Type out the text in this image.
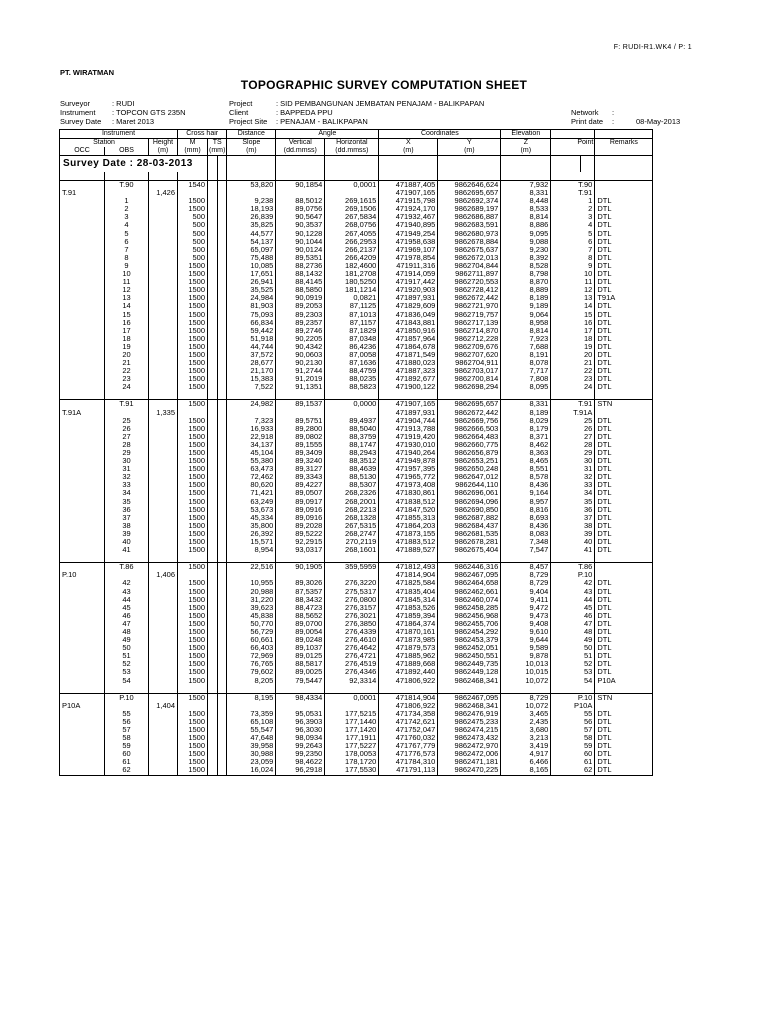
F: RUDI-R1.WK4 / P: 1
PT. WIRATMAN
TOPOGRAPHIC SURVEY COMPUTATION SHEET
Surveyor	: RUDI
Instrument : TOPCON GTS 235N
Survey Date : Maret 2013
Project	: SID PEMBANGUNAN JEMBATAN PENAJAM - BALIKPAPAN
Client	: BAPPEDA PPU
Project Site : PENAJAM - BALIKPAPAN
Network :
Print date :	08-May-2013
Instrument			Cross hair			Distance	Angle		Coordinates		Elevation			
Station		Height	M	TS		Slope	Vertical	Horizontal	X	Y	Z	Point		Remarks
OCC	OBS	(m)	(mm)	(mm)		(m)	(dd.mmss)	(dd.mmss)	(m)	(m)	(m)			
Survey Date : 28-03-2013														

	T.90		1540			53,820	90,1854	0,0001	471887,405	9862646,624	7,932	T.90		
T.91		1,426							471907,165	9862695,657	8,331	T.91		
	1		1500			9,238	88,5012	269,1615	471915,798	9862692,374	8,448	1		DTL
	2		1500			18,193	89,0756	269,1506	471924,170	9862689,197	8,533	2		DTL
	3		500			26,839	90,5647	267,5834	471932,467	9862686,887	8,814	3		DTL
	4		500			35,825	90,3537	268,0756	471940,895	9862683,591	8,886	4		DTL
	5		500			44,577	90,1228	267,4055	471949,254	9862680,973	9,095	5		DTL
	6		500			54,137	90,1044	266,2953	471958,638	9862678,884	9,088	6		DTL
	7		500			65,097	90,0124	266,2137	471969,107	9862675,637	9,230	7		DTL
	8		500			75,488	89,5351	266,4209	471978,854	9862672,013	8,392	8		DTL
	9		1500			10,085	88,2736	182,4600	471911,316	9862704,844	8,528	9		DTL
	10		1500			17,651	88,1432	181,2708	471914,059	9862711,897	8,798	10		DTL
	11		1500			26,941	88,4145	180,5250	471917,442	9862720,553	8,870	11		DTL
	12		1500			35,525	88,5850	181,1214	471920,903	9862728,412	8,889	12		DTL
	13		1500			24,984	90,0919	0,0821	471897,931	9862672,442	8,189	13		T91A
	14		1500			81,903	89,2053	87,1125	471829,609	9862721,970	9,189	14		DTL
	15		1500			75,093	89,2303	87,1013	471836,049	9862719,757	9,064	15		DTL
	16		1500			66,834	89,2357	87,1157	471843,881	9862717,139	8,958	16		DTL
	17		1500			59,442	89,2746	87,1829	471850,916	9862714,870	8,814	17		DTL
	18		1500			51,918	90,2205	87,0348	471857,964	9862712,228	7,923	18		DTL
	19		1500			44,744	90,4342	86,4236	471864,678	9862709,676	7,688	19		DTL
	20		1500			37,572	90,0603	87,0058	471871,549	9862707,620	8,191	20		DTL
	21		1500			28,677	90,2130	87,1636	471880,023	9862704,911	8,078	21		DTL
	22		1500			21,170	91,2744	88,4759	471887,323	9862703,017	7,717	22		DTL
	23		1500			15,383	91,2019	88,0235	471892,677	9862700,814	7,808	23		DTL
	24		1500			7,522	91,1351	88,5823	471900,122	9862698,294	8,095	24		DTL

	T.91		1500			24,982	89,1537	0,0000	471907,165	9862695,657	8,331	T.91		STN
T.91A		1,335							471897,931	9862672,442	8,189	T.91A		
	25		1500			7,323	89,5751	89,4937	471904,744	9862669,756	8,029	25		DTL
	26		1500			16,933	89,2800	88,5040	471913,788	9862666,503	8,179	26		DTL
	27		1500			22,918	89,0802	88,3759	471919,420	9862664,483	8,371	27		DTL
	28		1500			34,137	89,1555	88,1747	471930,010	9862660,775	8,462	28		DTL
	29		1500			45,104	89,3409	88,2943	471940,264	9862656,879	8,363	29		DTL
	30		1500			55,380	89,3240	88,3512	471949,878	9862653,251	8,465	30		DTL
	31		1500			63,473	89,3127	88,4639	471957,395	9862650,248	8,551	31		DTL
	32		1500			72,462	89,3343	88,5130	471965,772	9862647,012	8,578	32		DTL
	33		1500			80,620	89,4227	88,5307	471973,408	9862644,110	8,436	33		DTL
	34		1500			71,421	89,0507	268,2326	471830,861	9862696,061	9,164	34		DTL
	35		1500			63,249	89,0917	268,2001	471838,512	9862694,096	8,957	35		DTL
	36		1500			53,673	89,0916	268,2213	471847,520	9862690,850	8,816	36		DTL
	37		1500			45,334	89,0916	268,1328	471855,313	9862687,882	8,693	37		DTL
	38		1500			35,800	89,2028	267,5315	471864,203	9862684,437	8,436	38		DTL
	39		1500			26,392	89,5222	268,2747	471873,155	9862681,535	8,083	39		DTL
	40		1500			15,571	92,2915	270,2119	471883,512	9862678,281	7,348	40		DTL
	41		1500			8,954	93,0317	268,1601	471889,527	9862675,404	7,547	41		DTL

	T.86		1500			22,516	90,1905	359,5959	471812,493	9862446,316	8,457	T.86		
P.10		1,406							471814,904	9862467,095	8,729	P.10		
	42		1500			10,955	89,3026	276,3220	471825,584	9862464,658	8,729	42		DTL
	43		1500			20,988	87,5357	275,5317	471835,404	9862462,661	9,404	43		DTL
	44		1500			31,220	88,3432	276,0800	471845,314	9862460,074	9,411	44		DTL
	45		1500			39,623	88,4723	276,3157	471853,526	9862458,285	9,472	45		DTL
	46		1500			45,838	88,5652	276,3021	471859,394	9862456,968	9,473	46		DTL
	47		1500			50,770	89,0700	276,3850	471864,374	9862455,706	9,408	47		DTL
	48		1500			56,729	89,0054	276,4339	471870,161	9862454,292	9,610	48		DTL
	49		1500			60,661	89,0248	276,4610	471873,985	9862453,379	9,644	49		DTL
	50		1500			66,403	89,1037	276,4642	471879,573	9862452,051	9,589	50		DTL
	51		1500			72,969	89,0125	276,4721	471885,962	9862450,551	9,878	51		DTL
	52		1500			76,765	88,5817	276,4519	471889,668	9862449,735	10,013	52		DTL
	53		1500			79,602	89,0025	276,4346	471892,440	9862449,128	10,015	53		DTL
	54		1500			8,205	79,5447	92,3314	471806,922	9862468,341	10,072	54		P10A

	P.10		1500			8,195	98,4334	0,0001	471814,904	9862467,095	8,729	P.10		STN
P10A		1,404							471806,922	9862468,341	10,072	P10A		
	55		1500			73,359	95,0531	177,5215	471734,358	9862476,919	3,465	55		DTL
	56		1500			65,108	96,3903	177,1440	471742,621	9862475,233	2,435	56		DTL
	57		1500			55,547	96,3030	177,1420	471752,047	9862474,215	3,680	57		DTL
	58		1500			47,648	98,0934	177,1911	471760,032	9862473,432	3,213	58		DTL
	59		1500			39,958	99,2643	177,5227	471767,779	9862472,970	3,419	59		DTL
	60		1500			30,988	99,2350	178,0053	471776,573	9862472,006	4,917	60		DTL
	61		1500			23,059	98,4622	178,1720	471784,310	9862471,181	6,466	61		DTL
	62		1500			16,024	96,2918	177,5530	471791,113	9862470,225	8,165	62		DTL
